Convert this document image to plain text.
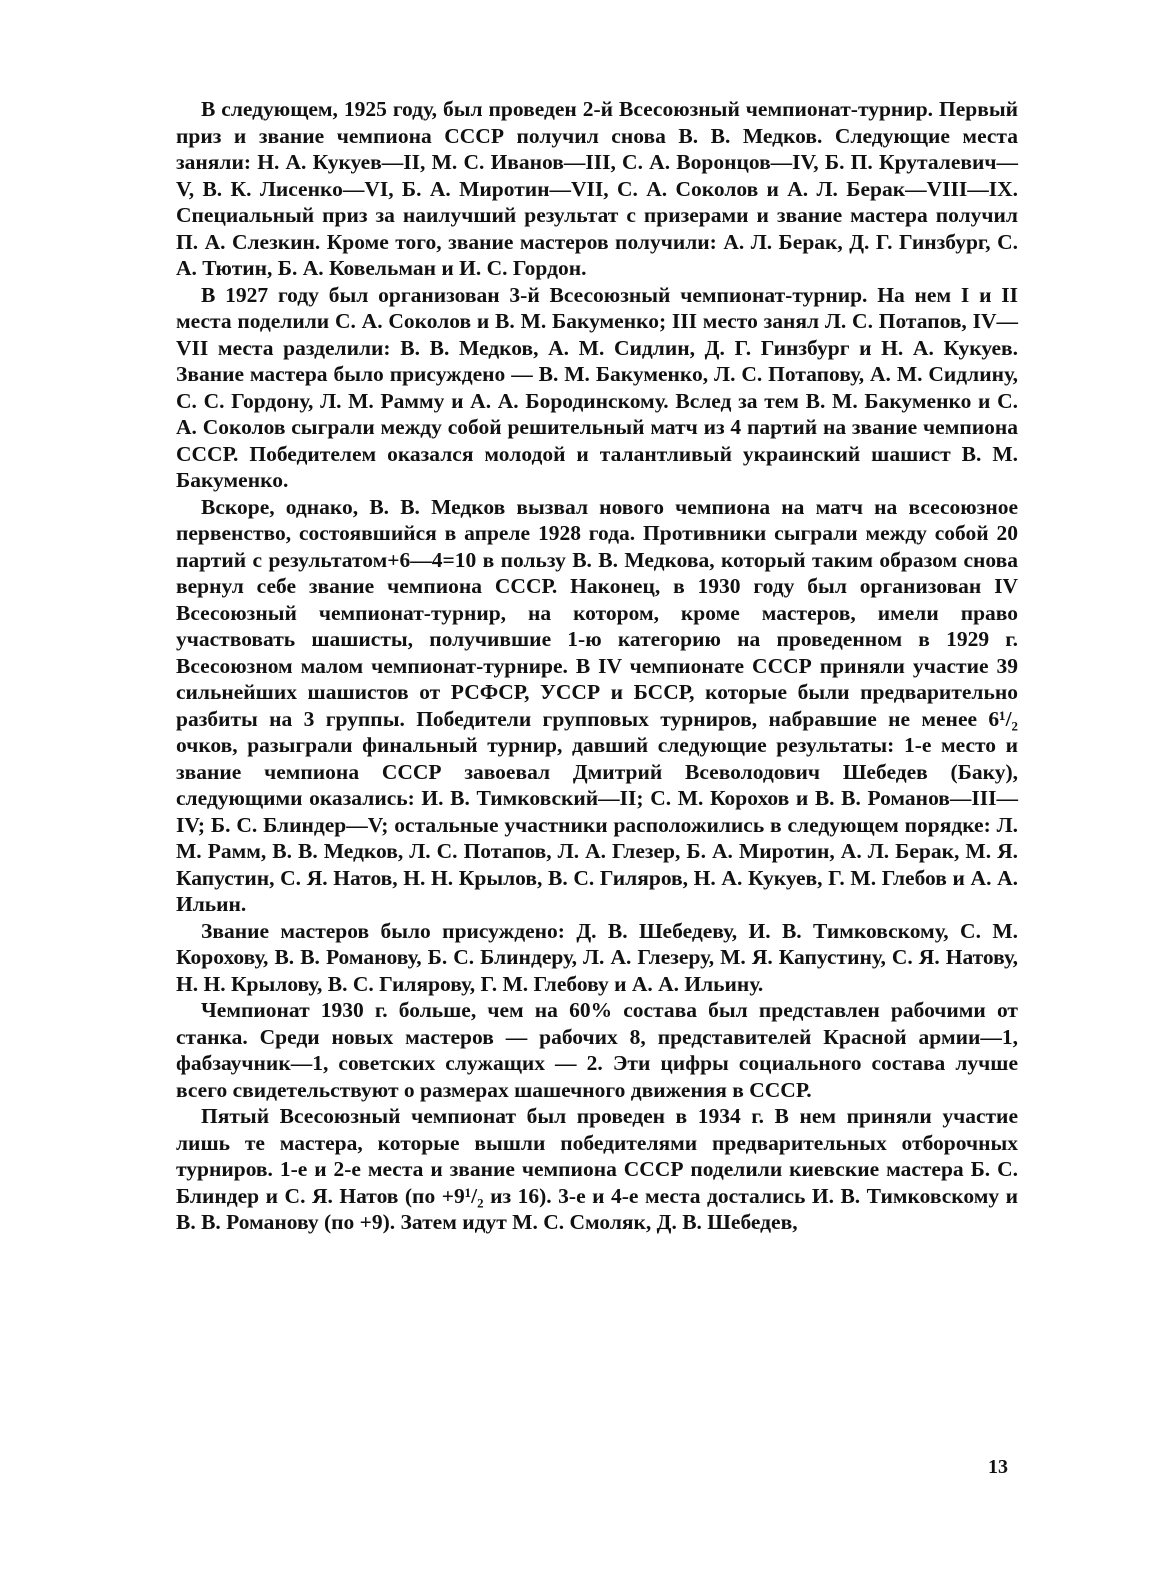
В следующем, 1925 году, был проведен 2-й Всесоюзный чемпионат-турнир. Первый приз и звание чемпиона СССР получил снова В. В. Медков. Следующие места заняли: Н. А. Кукуев—II, М. С. Иванов—III, С. А. Воронцов—IV, Б. П. Круталевич—V, В. К. Лисенко—VI, Б. А. Миротин—VII, С. А. Соколов и А. Л. Берак—VIII—IX. Специальный приз за наилучший результат с призерами и звание мастера получил П. А. Слезкин. Кроме того, звание мастеров получили: А. Л. Берак, Д. Г. Гинзбург, С. А. Тютин, Б. А. Ковельман и И. С. Гордон.

В 1927 году был организован 3-й Всесоюзный чемпионат-турнир. На нем I и II места поделили С. А. Соколов и В. М. Бакуменко; III место занял Л. С. Потапов, IV—VII места разделили: В. В. Медков, А. М. Сидлин, Д. Г. Гинзбург и Н. А. Кукуев. Звание мастера было присуждено — В. М. Бакуменко, Л. С. Потапову, А. М. Сидлину, С. С. Гордону, Л. М. Рамму и А. А. Бородинскому. Вслед за тем В. М. Бакуменко и С. А. Соколов сыграли между собой решительный матч из 4 партий на звание чемпиона СССР. Победителем оказался молодой и талантливый украинский шашист В. М. Бакуменко.

Вскоре, однако, В. В. Медков вызвал нового чемпиона на матч на всесоюзное первенство, состоявшийся в апреле 1928 года. Противники сыграли между собой 20 партий с результатом+6—4=10 в пользу В. В. Медкова, который таким образом снова вернул себе звание чемпиона СССР. Наконец, в 1930 году был организован IV Всесоюзный чемпионат-турнир, на котором, кроме мастеров, имели право участвовать шашисты, получившие 1-ю категорию на проведенном в 1929 г. Всесоюзном малом чемпионат-турнире. В IV чемпионате СССР приняли участие 39 сильнейших шашистов от РСФСР, УССР и БССР, которые были предварительно разбиты на 3 группы. Победители групповых турниров, набравшие не менее 6¹/₂ очков, разыграли финальный турнир, давший следующие результаты: 1-е место и звание чемпиона СССР завоевал Дмитрий Всеволодович Шебедев (Баку), следующими оказались: И. В. Тимковский—II; С. М. Корохов и В. В. Романов—III—IV; Б. С. Блиндер—V; остальные участники расположились в следующем порядке: Л. М. Рамм, В. В. Медков, Л. С. Потапов, Л. А. Глезер, Б. А. Миротин, А. Л. Берак, М. Я. Капустин, С. Я. Натов, Н. Н. Крылов, В. С. Гиляров, Н. А. Кукуев, Г. М. Глебов и А. А. Ильин.

Звание мастеров было присуждено: Д. В. Шебедеву, И. В. Тимковскому, С. М. Корохову, В. В. Романову, Б. С. Блиндеру, Л. А. Глезеру, М. Я. Капустину, С. Я. Натову, Н. Н. Крылову, В. С. Гилярову, Г. М. Глебову и А. А. Ильину.

Чемпионат 1930 г. больше, чем на 60% состава был представлен рабочими от станка. Среди новых мастеров — рабочих 8, представителей Красной армии—1, фабзаучник—1, советских служащих — 2. Эти цифры социального состава лучше всего свидетельствуют о размерах шашечного движения в СССР.

Пятый Всесоюзный чемпионат был проведен в 1934 г. В нем приняли участие лишь те мастера, которые вышли победителями предварительных отборочных турниров. 1-е и 2-е места и звание чемпиона СССР поделили киевские мастера Б. С. Блиндер и С. Я. Натов (по +9¹/₂ из 16). 3-е и 4-е места достались И. В. Тимковскому и В. В. Романову (по +9). Затем идут М. С. Смоляк, Д. В. Шебедев,

13
